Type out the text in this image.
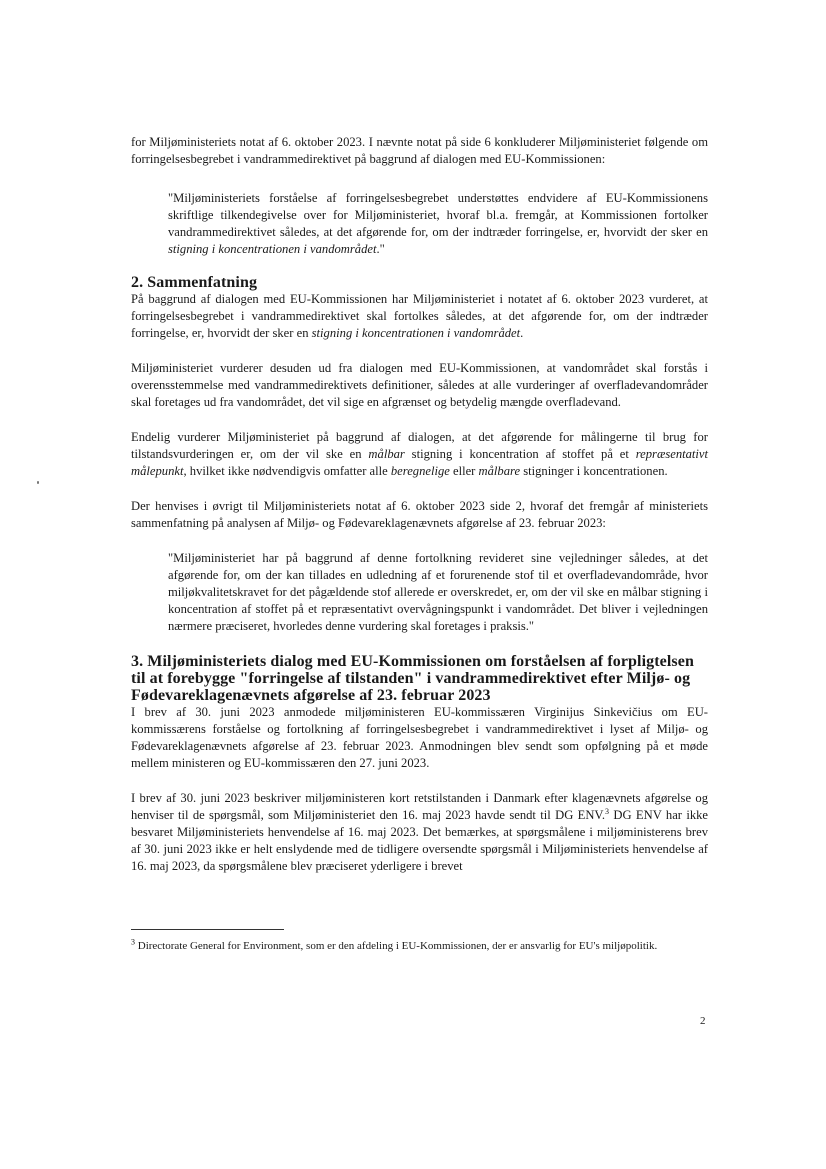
for Miljøministeriets notat af 6. oktober 2023. I nævnte notat på side 6 konkluderer Miljøministeriet følgende om forringelsesbegrebet i vandrammedirektivet på baggrund af dialogen med EU-Kommissionen:

"Miljøministeriets forståelse af forringelsesbegrebet understøttes endvidere af EU-Kommissionens skriftlige tilkendegivelse over for Miljøministeriet, hvoraf bl.a. fremgår, at Kommissionen fortolker vandrammedirektivet således, at det afgørende for, om der indtræder forringelse, er, hvorvidt der sker en stigning i koncentrationen i vandområdet."

2. Sammenfatning

På baggrund af dialogen med EU-Kommissionen har Miljøministeriet i notatet af 6. oktober 2023 vurderet, at forringelsesbegrebet i vandrammedirektivet skal fortolkes således, at det afgørende for, om der indtræder forringelse, er, hvorvidt der sker en stigning i koncentrationen i vandområdet.

Miljøministeriet vurderer desuden ud fra dialogen med EU-Kommissionen, at vandområdet skal forstås i overensstemmelse med vandrammedirektivets definitioner, således at alle vurderinger af overfladevandområder skal foretages ud fra vandområdet, det vil sige en afgrænset og betydelig mængde overfladevand.

Endelig vurderer Miljøministeriet på baggrund af dialogen, at det afgørende for målingerne til brug for tilstandsvurderingen er, om der vil ske en målbar stigning i koncentration af stoffet på et repræsentativt målepunkt, hvilket ikke nødvendigvis omfatter alle beregnelige eller målbare stigninger i koncentrationen.

Der henvises i øvrigt til Miljøministeriets notat af 6. oktober 2023 side 2, hvoraf det fremgår af ministeriets sammenfatning på analysen af Miljø- og Fødevareklagenævnets afgørelse af 23. februar 2023:

"Miljøministeriet har på baggrund af denne fortolkning revideret sine vejledninger således, at det afgørende for, om der kan tillades en udledning af et forurenende stof til et overfladevandområde, hvor miljøkvalitetskravet for det pågældende stof allerede er overskredet, er, om der vil ske en målbar stigning i koncentration af stoffet på et repræsentativt overvågningspunkt i vandområdet. Det bliver i vejledningen nærmere præciseret, hvorledes denne vurdering skal foretages i praksis."

3. Miljøministeriets dialog med EU-Kommissionen om forståelsen af forpligtelsen til at forebygge "forringelse af tilstanden" i vandrammedirektivet efter Miljø- og Fødevareklagenævnets afgørelse af 23. februar 2023

I brev af 30. juni 2023 anmodede miljøministeren EU-kommissæren Virginijus Sinkevičius om EU-kommissærens forståelse og fortolkning af forringelsesbegrebet i vandrammedirektivet i lyset af Miljø- og Fødevareklagenævnets afgørelse af 23. februar 2023. Anmodningen blev sendt som opfølgning på et møde mellem ministeren og EU-kommissæren den 27. juni 2023.

I brev af 30. juni 2023 beskriver miljøministeren kort retstilstanden i Danmark efter klagenævnets afgørelse og henviser til de spørgsmål, som Miljøministeriet den 16. maj 2023 havde sendt til DG ENV.$^3$ DG ENV har ikke besvaret Miljøministeriets henvendelse af 16. maj 2023. Det bemærkes, at spørgsmålene i miljøministerens brev af 30. juni 2023 ikke er helt enslydende med de tidligere oversendte spørgsmål i Miljøministeriets henvendelse af 16. maj 2023, da spørgsmålene blev præciseret yderligere i brevet

$^3$ Directorate General for Environment, som er den afdeling i EU-Kommissionen, der er ansvarlig for EU's miljøpolitik.

2
